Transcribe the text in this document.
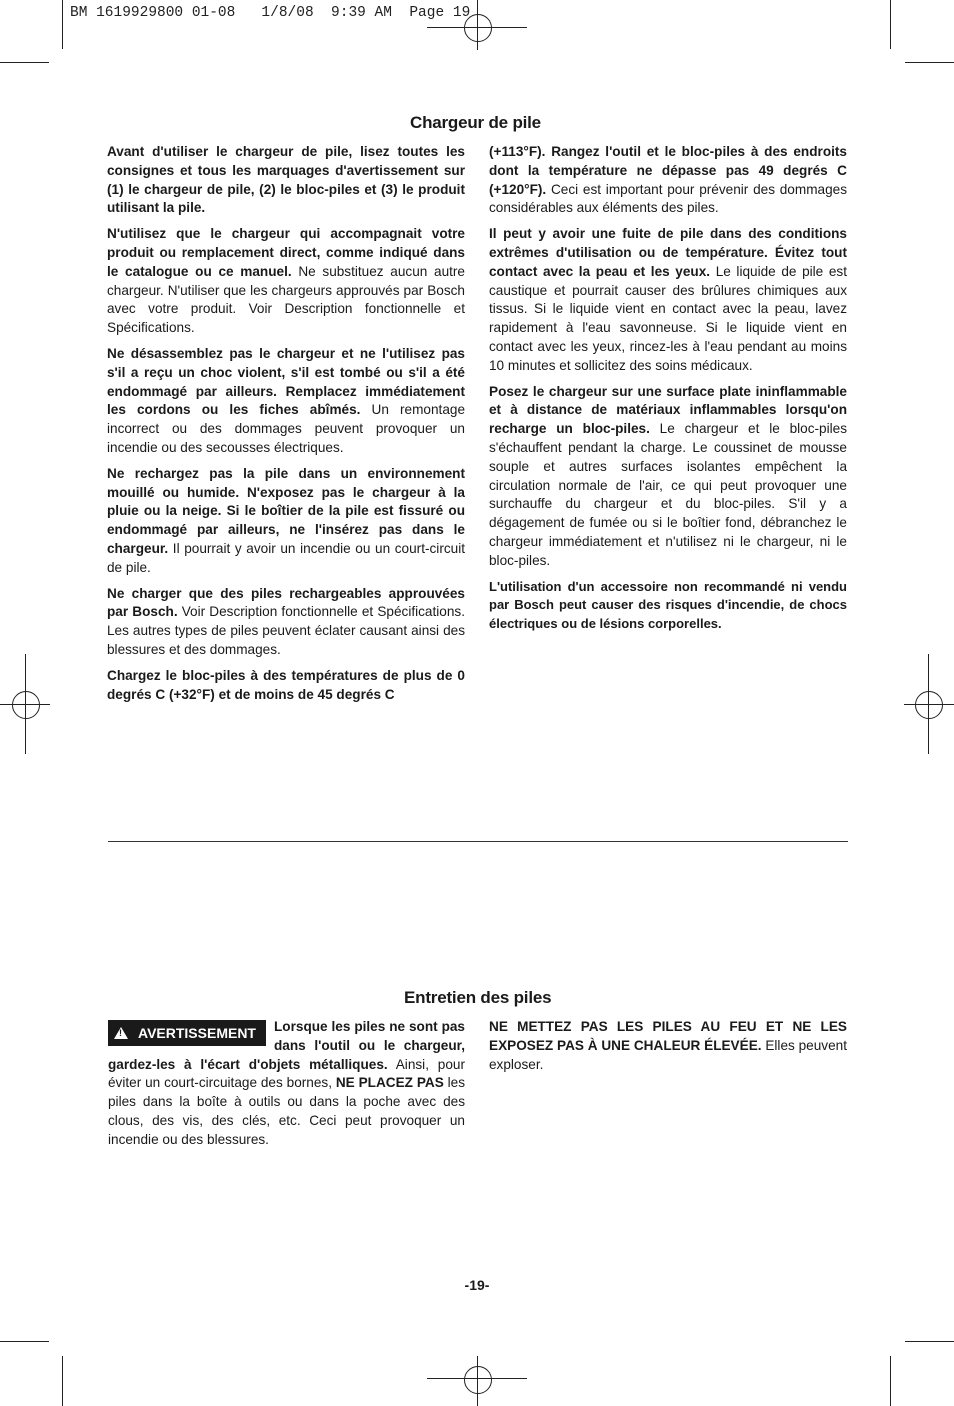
BM 1619929800 01-08   1/8/08  9:39 AM  Page 19
Chargeur de pile

Avant d'utiliser le chargeur de pile, lisez toutes les consignes et tous les marquages d'avertissement sur (1) le chargeur de pile, (2) le bloc-piles et (3) le produit utilisant la pile.

N'utilisez que le chargeur qui accompagnait votre produit ou remplacement direct, comme indiqué dans le catalogue ou ce manuel. Ne substituez aucun autre chargeur. N'utiliser que les chargeurs approuvés par Bosch avec votre produit. Voir Description fonctionnelle et Spécifications.

Ne désassemblez pas le chargeur et ne l'utilisez pas s'il a reçu un choc violent, s'il est tombé ou s'il a été endommagé par ailleurs. Remplacez immédiatement les cordons ou les fiches abîmés. Un remontage incorrect ou des dommages peuvent provoquer un incendie ou des secousses électriques.

Ne rechargez pas la pile dans un environnement mouillé ou humide. N'exposez pas le chargeur à la pluie ou la neige. Si le boîtier de la pile est fissuré ou endommagé par ailleurs, ne l'insérez pas dans le chargeur. Il pourrait y avoir un incendie ou un court-circuit de pile.

Ne charger que des piles rechargeables approuvées par Bosch. Voir Description fonctionnelle et Spécifications. Les autres types de piles peuvent éclater causant ainsi des blessures et des dommages.

Chargez le bloc-piles à des températures de plus de 0 degrés C (+32°F) et de moins de 45 degrés C

(+113°F). Rangez l'outil et le bloc-piles à des endroits dont la température ne dépasse pas 49 degrés C (+120°F). Ceci est important pour prévenir des dommages considérables aux éléments des piles.

Il peut y avoir une fuite de pile dans des conditions extrêmes d'utilisation ou de température. Évitez tout contact avec la peau et les yeux. Le liquide de pile est caustique et pourrait causer des brûlures chimiques aux tissus. Si le liquide vient en contact avec la peau, lavez rapidement à l'eau savonneuse. Si le liquide vient en contact avec les yeux, rincez-les à l'eau pendant au moins 10 minutes et sollicitez des soins médicaux.

Posez le chargeur sur une surface plate ininflammable et à distance de matériaux inflammables lorsqu'on recharge un bloc-piles. Le chargeur et le bloc-piles s'échauffent pendant la charge. Le coussinet de mousse souple et autres surfaces isolantes empêchent la circulation normale de l'air, ce qui peut provoquer une surchauffe du chargeur et du bloc-piles. S'il y a dégagement de fumée ou si le boîtier fond, débranchez le chargeur immédiatement et n'utilisez ni le chargeur, ni le bloc-piles.

L'utilisation d'un accessoire non recommandé ni vendu par Bosch peut causer des risques d'incendie, de chocs électriques ou de lésions corporelles.

Entretien des piles
! AVERTISSEMENT	Lorsque les piles ne sont pas dans l'outil ou le chargeur, gardez-les à l'écart d'objets métalliques. Ainsi, pour éviter un court-circuitage des bornes, NE PLACEZ PAS les piles dans la boîte à outils ou dans la poche avec des clous, des vis, des clés, etc. Ceci peut provoquer un incendie ou des blessures.

NE METTEZ PAS LES PILES AU FEU ET NE LES EXPOSEZ PAS À UNE CHALEUR ÉLEVÉE. Elles peuvent exploser.

-19-
